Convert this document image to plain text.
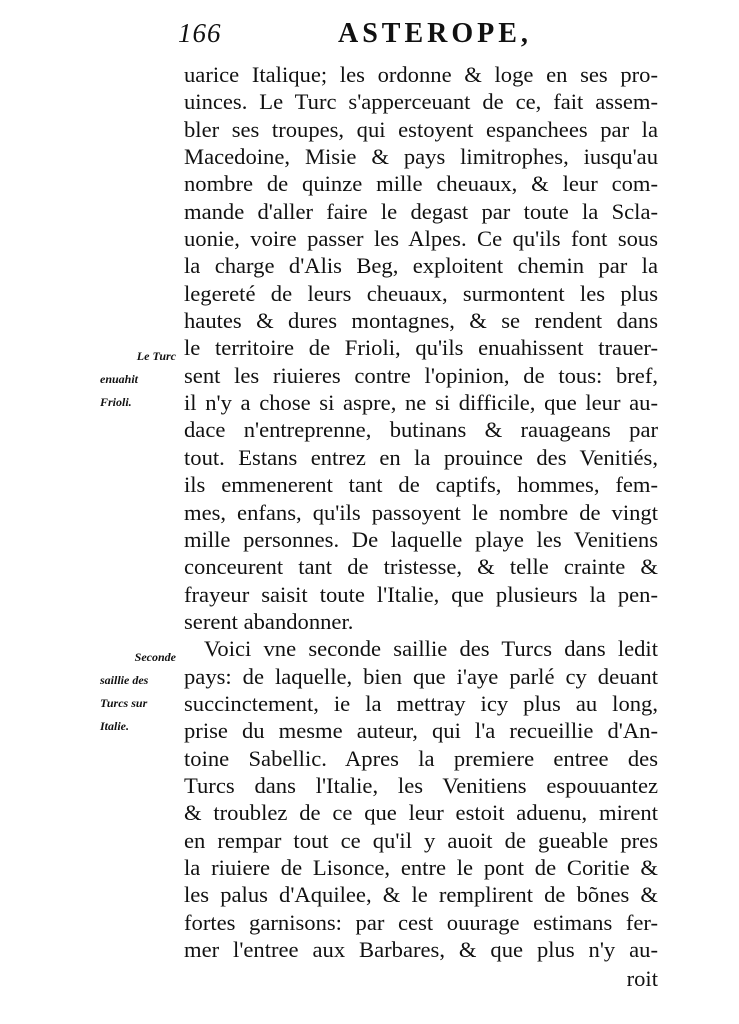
166	ASTEROPE,
Le Turc
enuahit
Frioli.
Seconde
saillie des
Turcs sur
Italie.
uarice Italique; les ordonne & loge en ses pro-
uinces. Le Turc s'apperceuant de ce, fait assem-
bler ses troupes, qui estoyent espanchees par la
Macedoine, Misie & pays limitrophes, iusqu'au
nombre de quinze mille cheuaux, & leur com-
mande d'aller faire le degast par toute la Scla-
uonie, voire passer les Alpes. Ce qu'ils font sous
la charge d'Alis Beg, exploitent chemin par la
legereté de leurs cheuaux, surmontent les plus
hautes & dures montagnes, & se rendent dans
le territoire de Frioli, qu'ils enuahissent trauer-
sent les riuieres contre l'opinion, de tous: bref,
il n'y a chose si aspre, ne si difficile, que leur au-
dace n'entreprenne, butinans & rauageans par
tout. Estans entrez en la prouince des Venitiés,
ils emmenerent tant de captifs, hommes, fem-
mes, enfans, qu'ils passoyent le nombre de vingt
mille personnes. De laquelle playe les Venitiens
conceurent tant de tristesse, & telle crainte &
frayeur saisit toute l'Italie, que plusieurs la pen-
serent abandonner.
Voici vne seconde saillie des Turcs dans ledit
pays: de laquelle, bien que i'aye parlé cy deuant
succinctement, ie la mettray icy plus au long,
prise du mesme auteur, qui l'a recueillie d'An-
toine Sabellic. Apres la premiere entree des
Turcs dans l'Italie, les Venitiens espouuantez
& troublez de ce que leur estoit aduenu, mirent
en rempar tout ce qu'il y auoit de gueable pres
la riuiere de Lisonce, entre le pont de Coritie &
les palus d'Aquilee, & le remplirent de bõnes &
fortes garnisons: par cest ouurage estimans fer-
mer l'entree aux Barbares, & que plus n'y au-
roit
